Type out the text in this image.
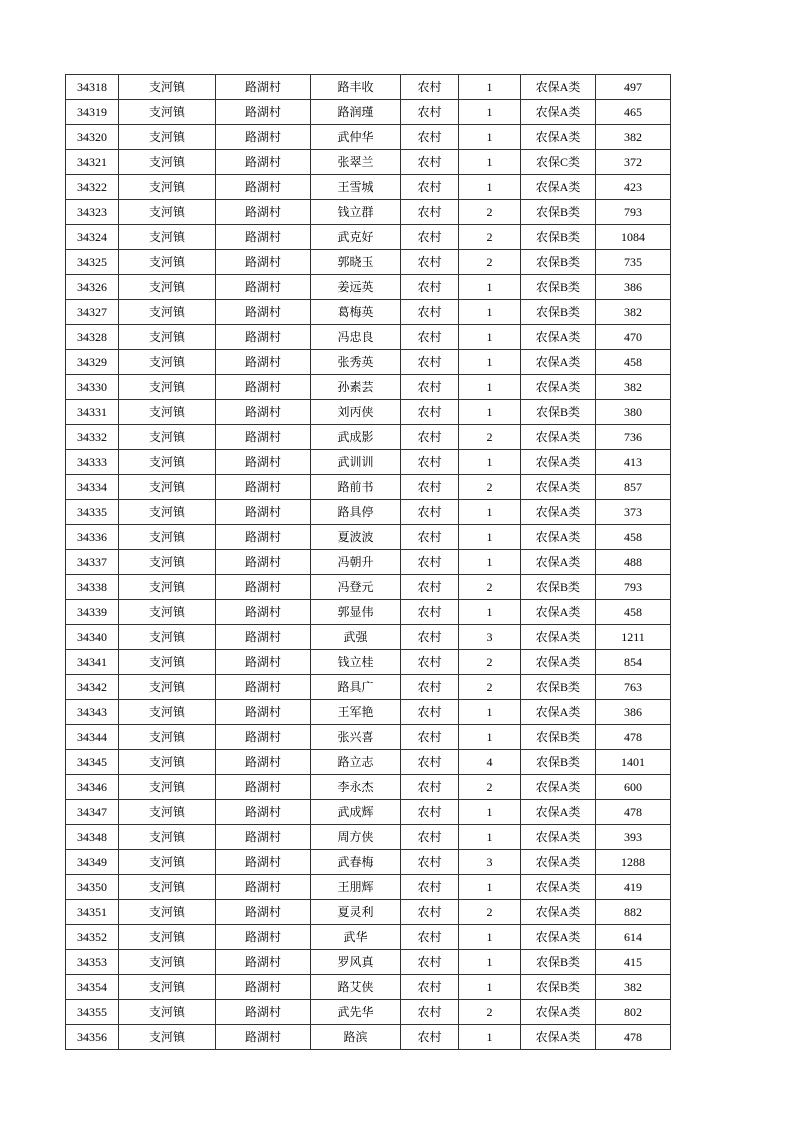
34318	支河镇	路湖村	路丰收	农村	1	农保A类	497
34319	支河镇	路湖村	路润瑾	农村	1	农保A类	465
34320	支河镇	路湖村	武仲华	农村	1	农保A类	382
34321	支河镇	路湖村	张翠兰	农村	1	农保C类	372
34322	支河镇	路湖村	王雪城	农村	1	农保A类	423
34323	支河镇	路湖村	钱立群	农村	2	农保B类	793
34324	支河镇	路湖村	武克好	农村	2	农保B类	1084
34325	支河镇	路湖村	郭晓玉	农村	2	农保B类	735
34326	支河镇	路湖村	姜远英	农村	1	农保B类	386
34327	支河镇	路湖村	葛梅英	农村	1	农保B类	382
34328	支河镇	路湖村	冯忠良	农村	1	农保A类	470
34329	支河镇	路湖村	张秀英	农村	1	农保A类	458
34330	支河镇	路湖村	孙素芸	农村	1	农保A类	382
34331	支河镇	路湖村	刘丙侠	农村	1	农保B类	380
34332	支河镇	路湖村	武成影	农村	2	农保A类	736
34333	支河镇	路湖村	武训训	农村	1	农保A类	413
34334	支河镇	路湖村	路前书	农村	2	农保A类	857
34335	支河镇	路湖村	路具停	农村	1	农保A类	373
34336	支河镇	路湖村	夏波波	农村	1	农保A类	458
34337	支河镇	路湖村	冯朝升	农村	1	农保A类	488
34338	支河镇	路湖村	冯登元	农村	2	农保B类	793
34339	支河镇	路湖村	郭显伟	农村	1	农保A类	458
34340	支河镇	路湖村	武强	农村	3	农保A类	1211
34341	支河镇	路湖村	钱立桂	农村	2	农保A类	854
34342	支河镇	路湖村	路具广	农村	2	农保B类	763
34343	支河镇	路湖村	王军艳	农村	1	农保A类	386
34344	支河镇	路湖村	张兴喜	农村	1	农保B类	478
34345	支河镇	路湖村	路立志	农村	4	农保B类	1401
34346	支河镇	路湖村	李永杰	农村	2	农保A类	600
34347	支河镇	路湖村	武成辉	农村	1	农保A类	478
34348	支河镇	路湖村	周方侠	农村	1	农保A类	393
34349	支河镇	路湖村	武春梅	农村	3	农保A类	1288
34350	支河镇	路湖村	王朋辉	农村	1	农保A类	419
34351	支河镇	路湖村	夏灵利	农村	2	农保A类	882
34352	支河镇	路湖村	武华	农村	1	农保A类	614
34353	支河镇	路湖村	罗风真	农村	1	农保B类	415
34354	支河镇	路湖村	路艾侠	农村	1	农保B类	382
34355	支河镇	路湖村	武先华	农村	2	农保A类	802
34356	支河镇	路湖村	路滨	农村	1	农保A类	478
